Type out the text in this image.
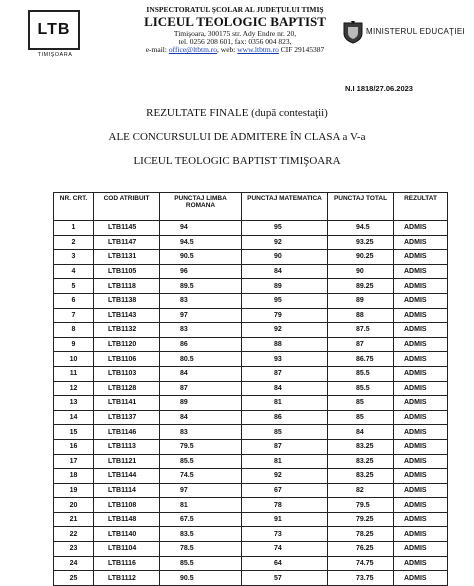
LTB
TIMIŞOARA
INSPECTORATUL ŞCOLAR AL JUDEŢULUI TIMIŞ
LICEUL TEOLOGIC BAPTIST
Timişoara, 300175 str. Ady Endre nr. 20,
tel. 0256 208 601, fax: 0356 004 823,
e-mail: office@ltbtm.ro, web: www.ltbtm.ro CIF 29145387
MINISTERUL EDUCAŢIEI
N.I 1818/27.06.2023
REZULTATE FINALE (după contestaţii)
ALE CONCURSULUI DE ADMITERE ÎN CLASA a V-a
LICEUL TEOLOGIC BAPTIST TIMIŞOARA
NR. CRT.	COD ATRIBUIT	PUNCTAJ LIMBA ROMANA	PUNCTAJ MATEMATICA	PUNCTAJ TOTAL	REZULTAT
1	LTB1145	94	95	94.5	ADMIS
2	LTB1147	94.5	92	93.25	ADMIS
3	LTB1131	90.5	90	90.25	ADMIS
4	LTB1105	96	84	90	ADMIS
5	LTB1118	89.5	89	89.25	ADMIS
6	LTB1138	83	95	89	ADMIS
7	LTB1143	97	79	88	ADMIS
8	LTB1132	83	92	87.5	ADMIS
9	LTB1120	86	88	87	ADMIS
10	LTB1106	80.5	93	86.75	ADMIS
11	LTB1103	84	87	85.5	ADMIS
12	LTB1128	87	84	85.5	ADMIS
13	LTB1141	89	81	85	ADMIS
14	LTB1137	84	86	85	ADMIS
15	LTB1146	83	85	84	ADMIS
16	LTB1113	79.5	87	83.25	ADMIS
17	LTB1121	85.5	81	83.25	ADMIS
18	LTB1144	74.5	92	83.25	ADMIS
19	LTB1114	97	67	82	ADMIS
20	LTB1108	81	78	79.5	ADMIS
21	LTB1148	67.5	91	79.25	ADMIS
22	LTB1140	83.5	73	78.25	ADMIS
23	LTB1104	78.5	74	76.25	ADMIS
24	LTB1116	85.5	64	74.75	ADMIS
25	LTB1112	90.5	57	73.75	ADMIS
